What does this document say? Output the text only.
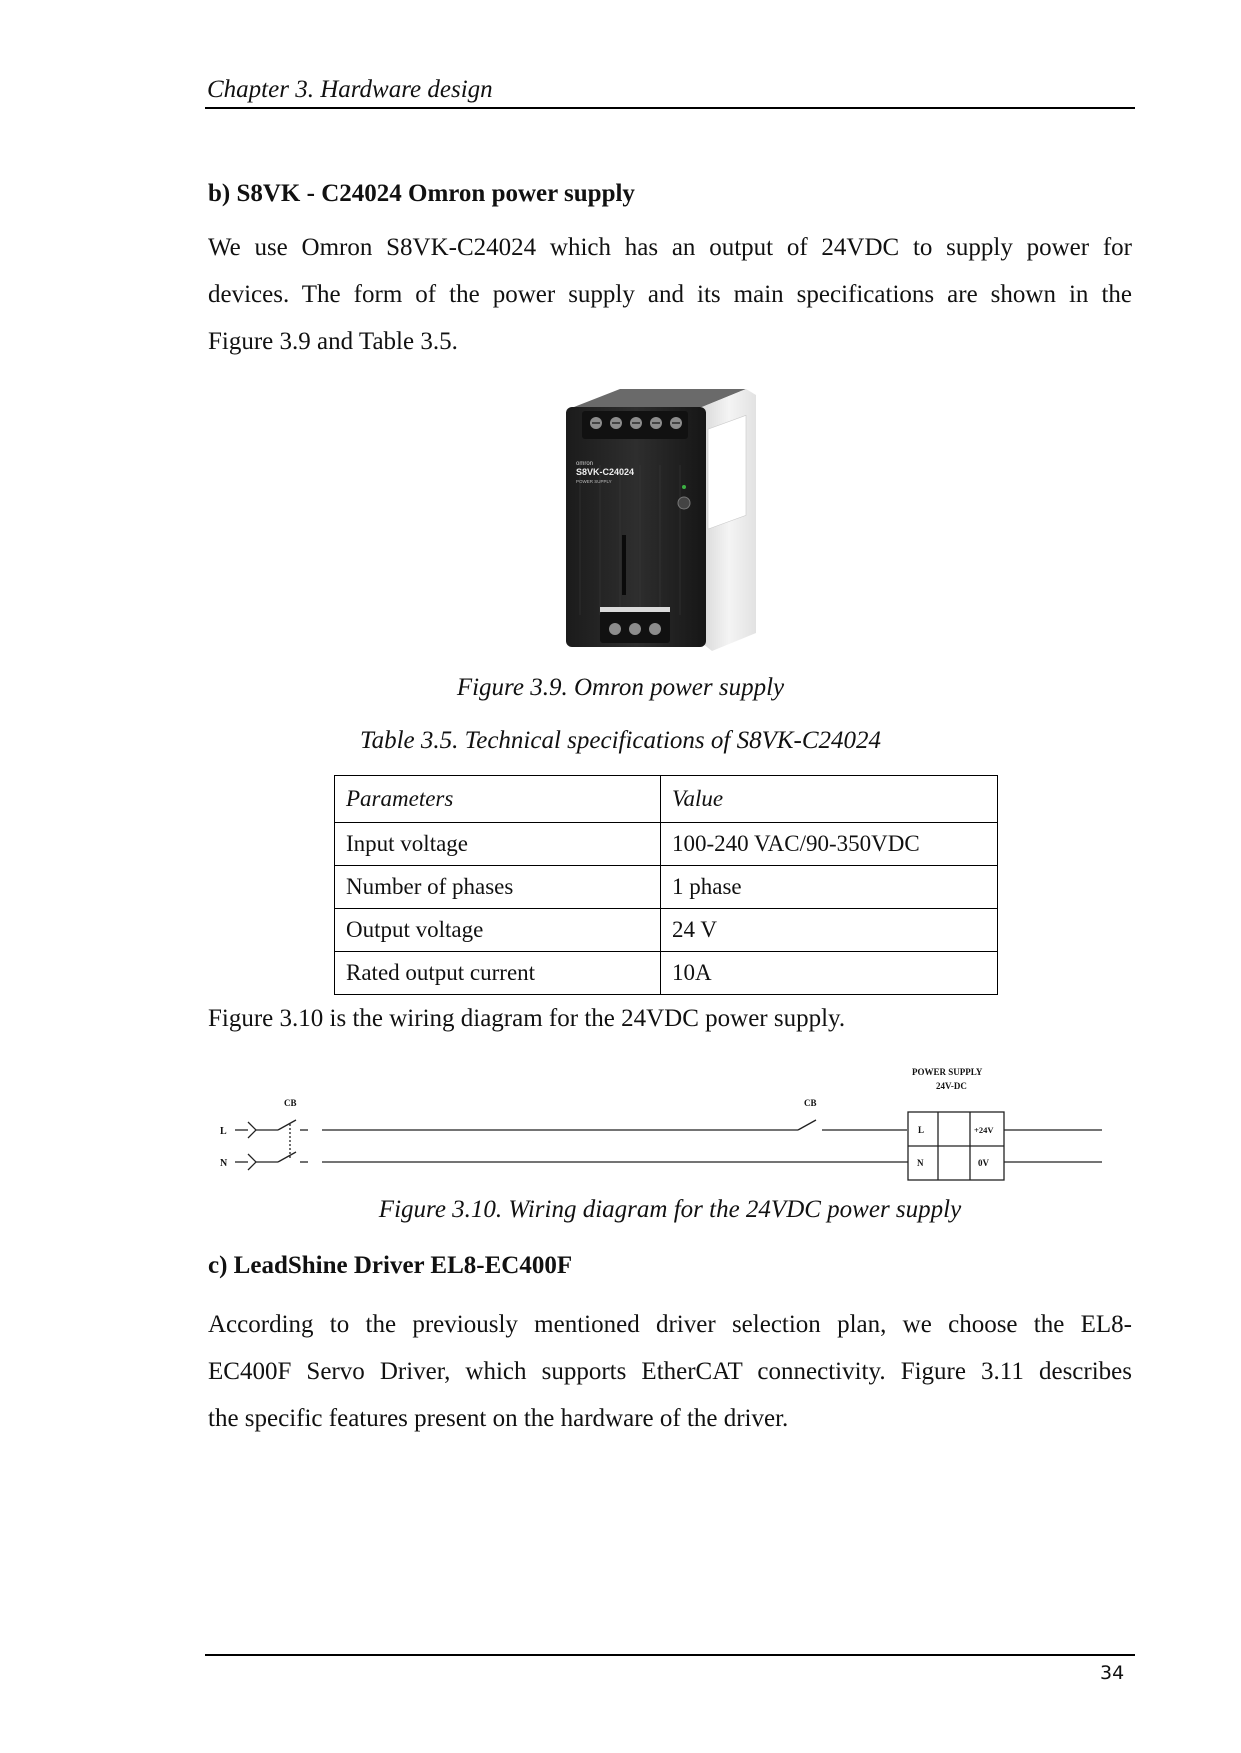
Chapter 3. Hardware design
b) S8VK - C24024 Omron power supply
We use Omron S8VK-C24024 which has an output of 24VDC to supply power for
devices. The form of the power supply and its main specifications are shown in the
Figure 3.9 and Table 3.5.
omron
S8VK-C24024
POWER SUPPLY
Figure 3.9. Omron power supply
Table 3.5. Technical specifications of S8VK-C24024
Parameters	Value
Input voltage	100-240 VAC/90-350VDC
Number of phases	1 phase
Output voltage	24 V
Rated output current	10A
Figure 3.10 is the wiring diagram for the 24VDC power supply.
L
N
CB	CB
POWER SUPPLY
24V-DC
L
N
+24V
0V
Figure 3.10. Wiring diagram for the 24VDC power supply
c) LeadShine Driver EL8-EC400F
According to the previously mentioned driver selection plan, we choose the EL8-
EC400F Servo Driver, which supports EtherCAT connectivity. Figure 3.11 describes
the specific features present on the hardware of the driver.
34
